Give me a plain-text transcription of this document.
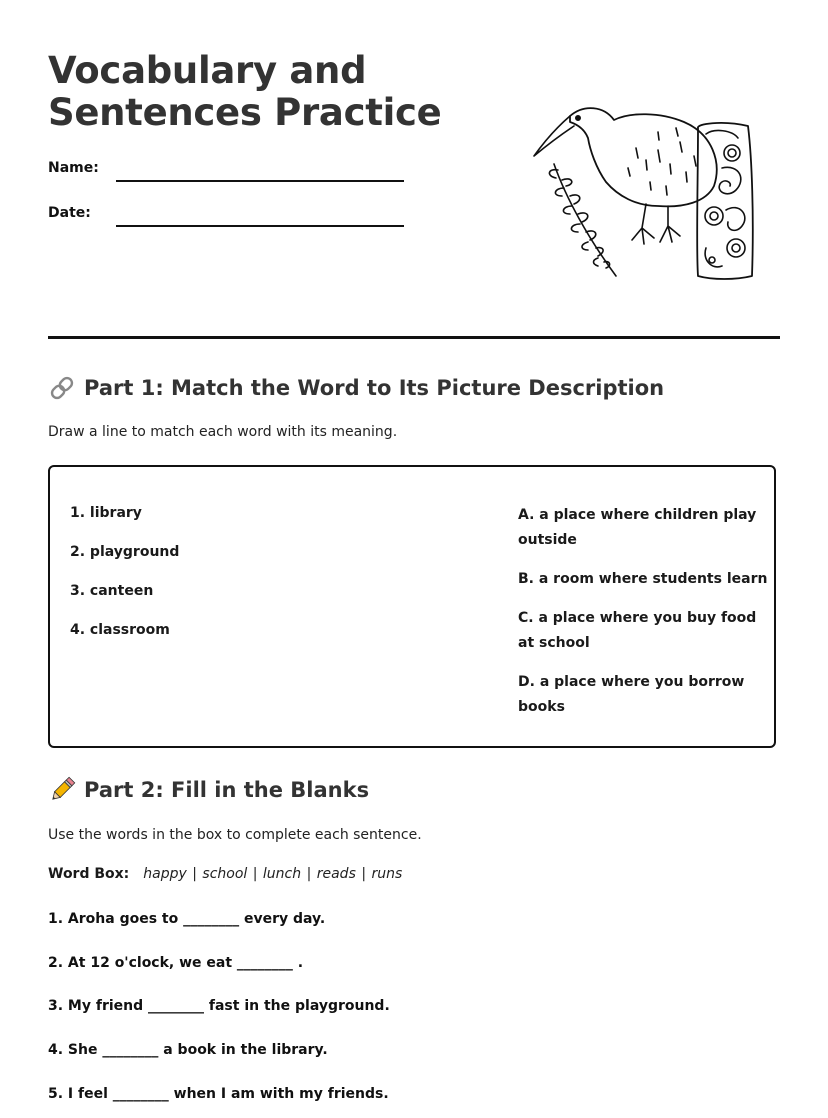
Vocabulary and Sentences Practice
Name:
Date:
Part 1: Match the Word to Its Picture Description
Draw a line to match each word with its meaning.
1. library
2. playground
3. canteen
4. classroom
A. a place where children play outside
B. a room where students learn
C. a place where you buy food at school
D. a place where you borrow books
Part 2: Fill in the Blanks
Use the words in the box to complete each sentence.
Word Box: happy | school | lunch | reads | runs
1. Aroha goes to ________ every day.
2. At 12 o'clock, we eat ________ .
3. My friend ________ fast in the playground.
4. She ________ a book in the library.
5. I feel ________ when I am with my friends.
